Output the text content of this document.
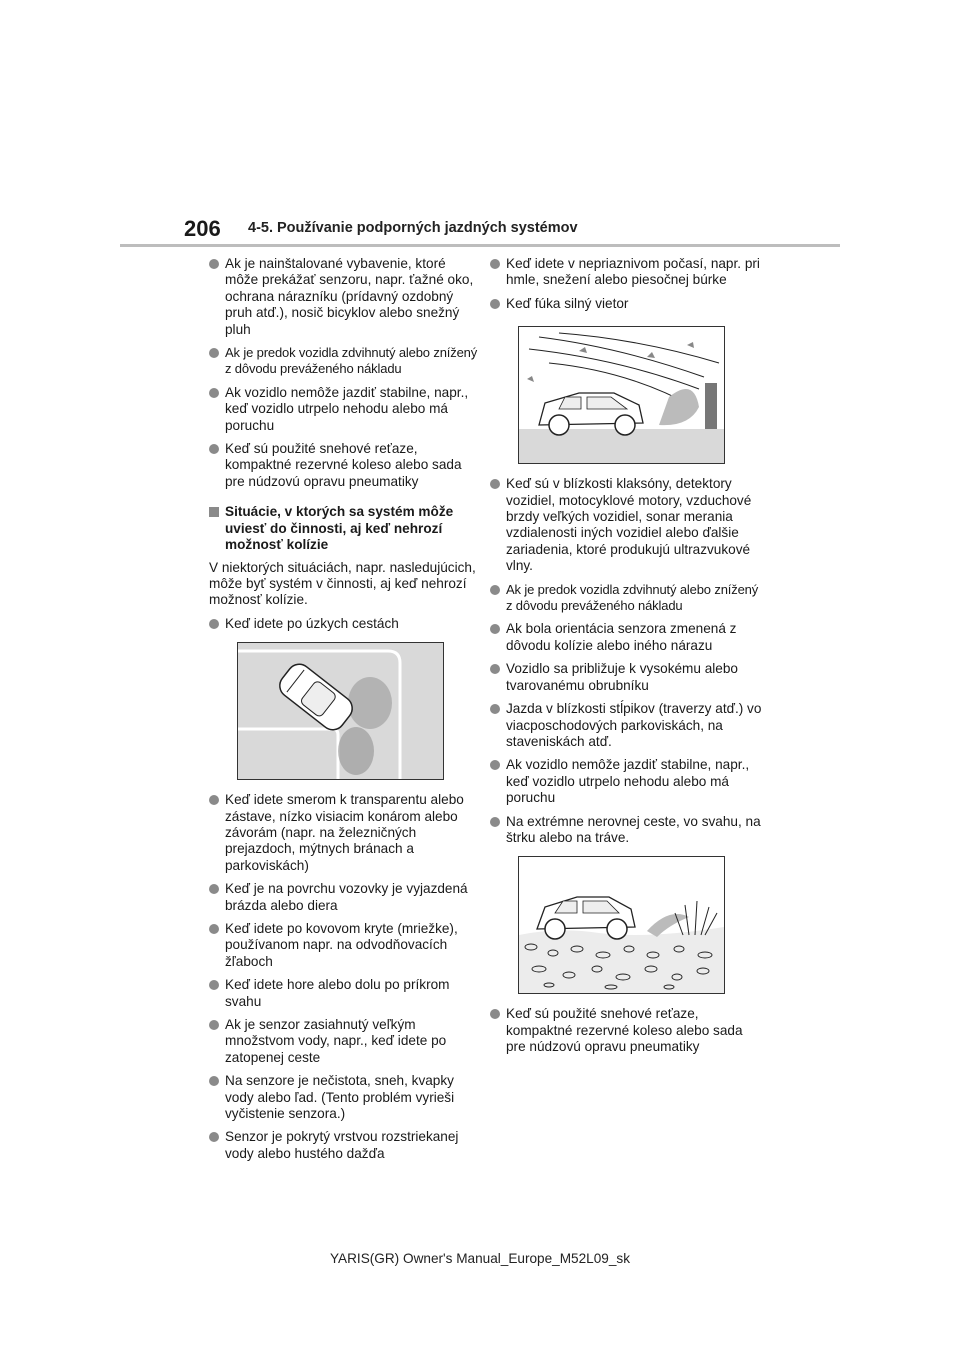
206 4-5. Používanie podporných jazdných systémov
Ak je nainštalované vybavenie, ktoré môže prekážať senzoru, napr. ťažné oko, ochrana nárazníku (prídavný ozdobný pruh atď.), nosič bicyklov alebo snežný pluh
Ak je predok vozidla zdvihnutý alebo znížený z dôvodu preváženého nákladu
Ak vozidlo nemôže jazdiť stabilne, napr., keď vozidlo utrpelo nehodu alebo má poruchu
Keď sú použité snehové reťaze, kompaktné rezervné koleso alebo sada pre núdzovú opravu pneumatiky
Situácie, v ktorých sa systém môže uviesť do činnosti, aj keď nehrozí možnosť kolízie
V niektorých situáciách, napr. nasledujúcich, môže byť systém v činnosti, aj keď nehrozí možnosť kolízie.
Keď idete po úzkych cestách
Keď idete smerom k transparentu alebo zástave, nízko visiacim konárom alebo závorám (napr. na železničných prejazdoch, mýtnych bránach a parkoviskách)
Keď je na povrchu vozovky je vyjazdená brázda alebo diera
Keď idete po kovovom kryte (mriežke), používanom napr. na odvodňovacích žľaboch
Keď idete hore alebo dolu po príkrom svahu
Ak je senzor zasiahnutý veľkým množstvom vody, napr., keď idete po zatopenej ceste
Na senzore je nečistota, sneh, kvapky vody alebo ľad. (Tento problém vyrieši vyčistenie senzora.)
Senzor je pokrytý vrstvou rozstriekanej vody alebo hustého dažďa
Keď idete v nepriaznivom počasí, napr. pri hmle, snežení alebo piesočnej búrke
Keď fúka silný vietor
Keď sú v blízkosti klaksóny, detektory vozidiel, motocyklové motory, vzduchové brzdy veľkých vozidiel, sonar merania vzdialenosti iných vozidiel alebo ďalšie zariadenia, ktoré produkujú ultrazvukové vlny.
Ak je predok vozidla zdvihnutý alebo znížený z dôvodu preváženého nákladu
Ak bola orientácia senzora zmenená z dôvodu kolízie alebo iného nárazu
Vozidlo sa približuje k vysokému alebo tvarovanému obrubníku
Jazda v blízkosti stĺpikov (traverzy atď.) vo viacposchodových parkoviskách, na staveniskách atď.
Ak vozidlo nemôže jazdiť stabilne, napr., keď vozidlo utrpelo nehodu alebo má poruchu
Na extrémne nerovnej ceste, vo svahu, na štrku alebo na tráve.
Keď sú použité snehové reťaze, kompaktné rezervné koleso alebo sada pre núdzovú opravu pneumatiky
YARIS(GR) Owner's Manual_Europe_M52L09_sk
